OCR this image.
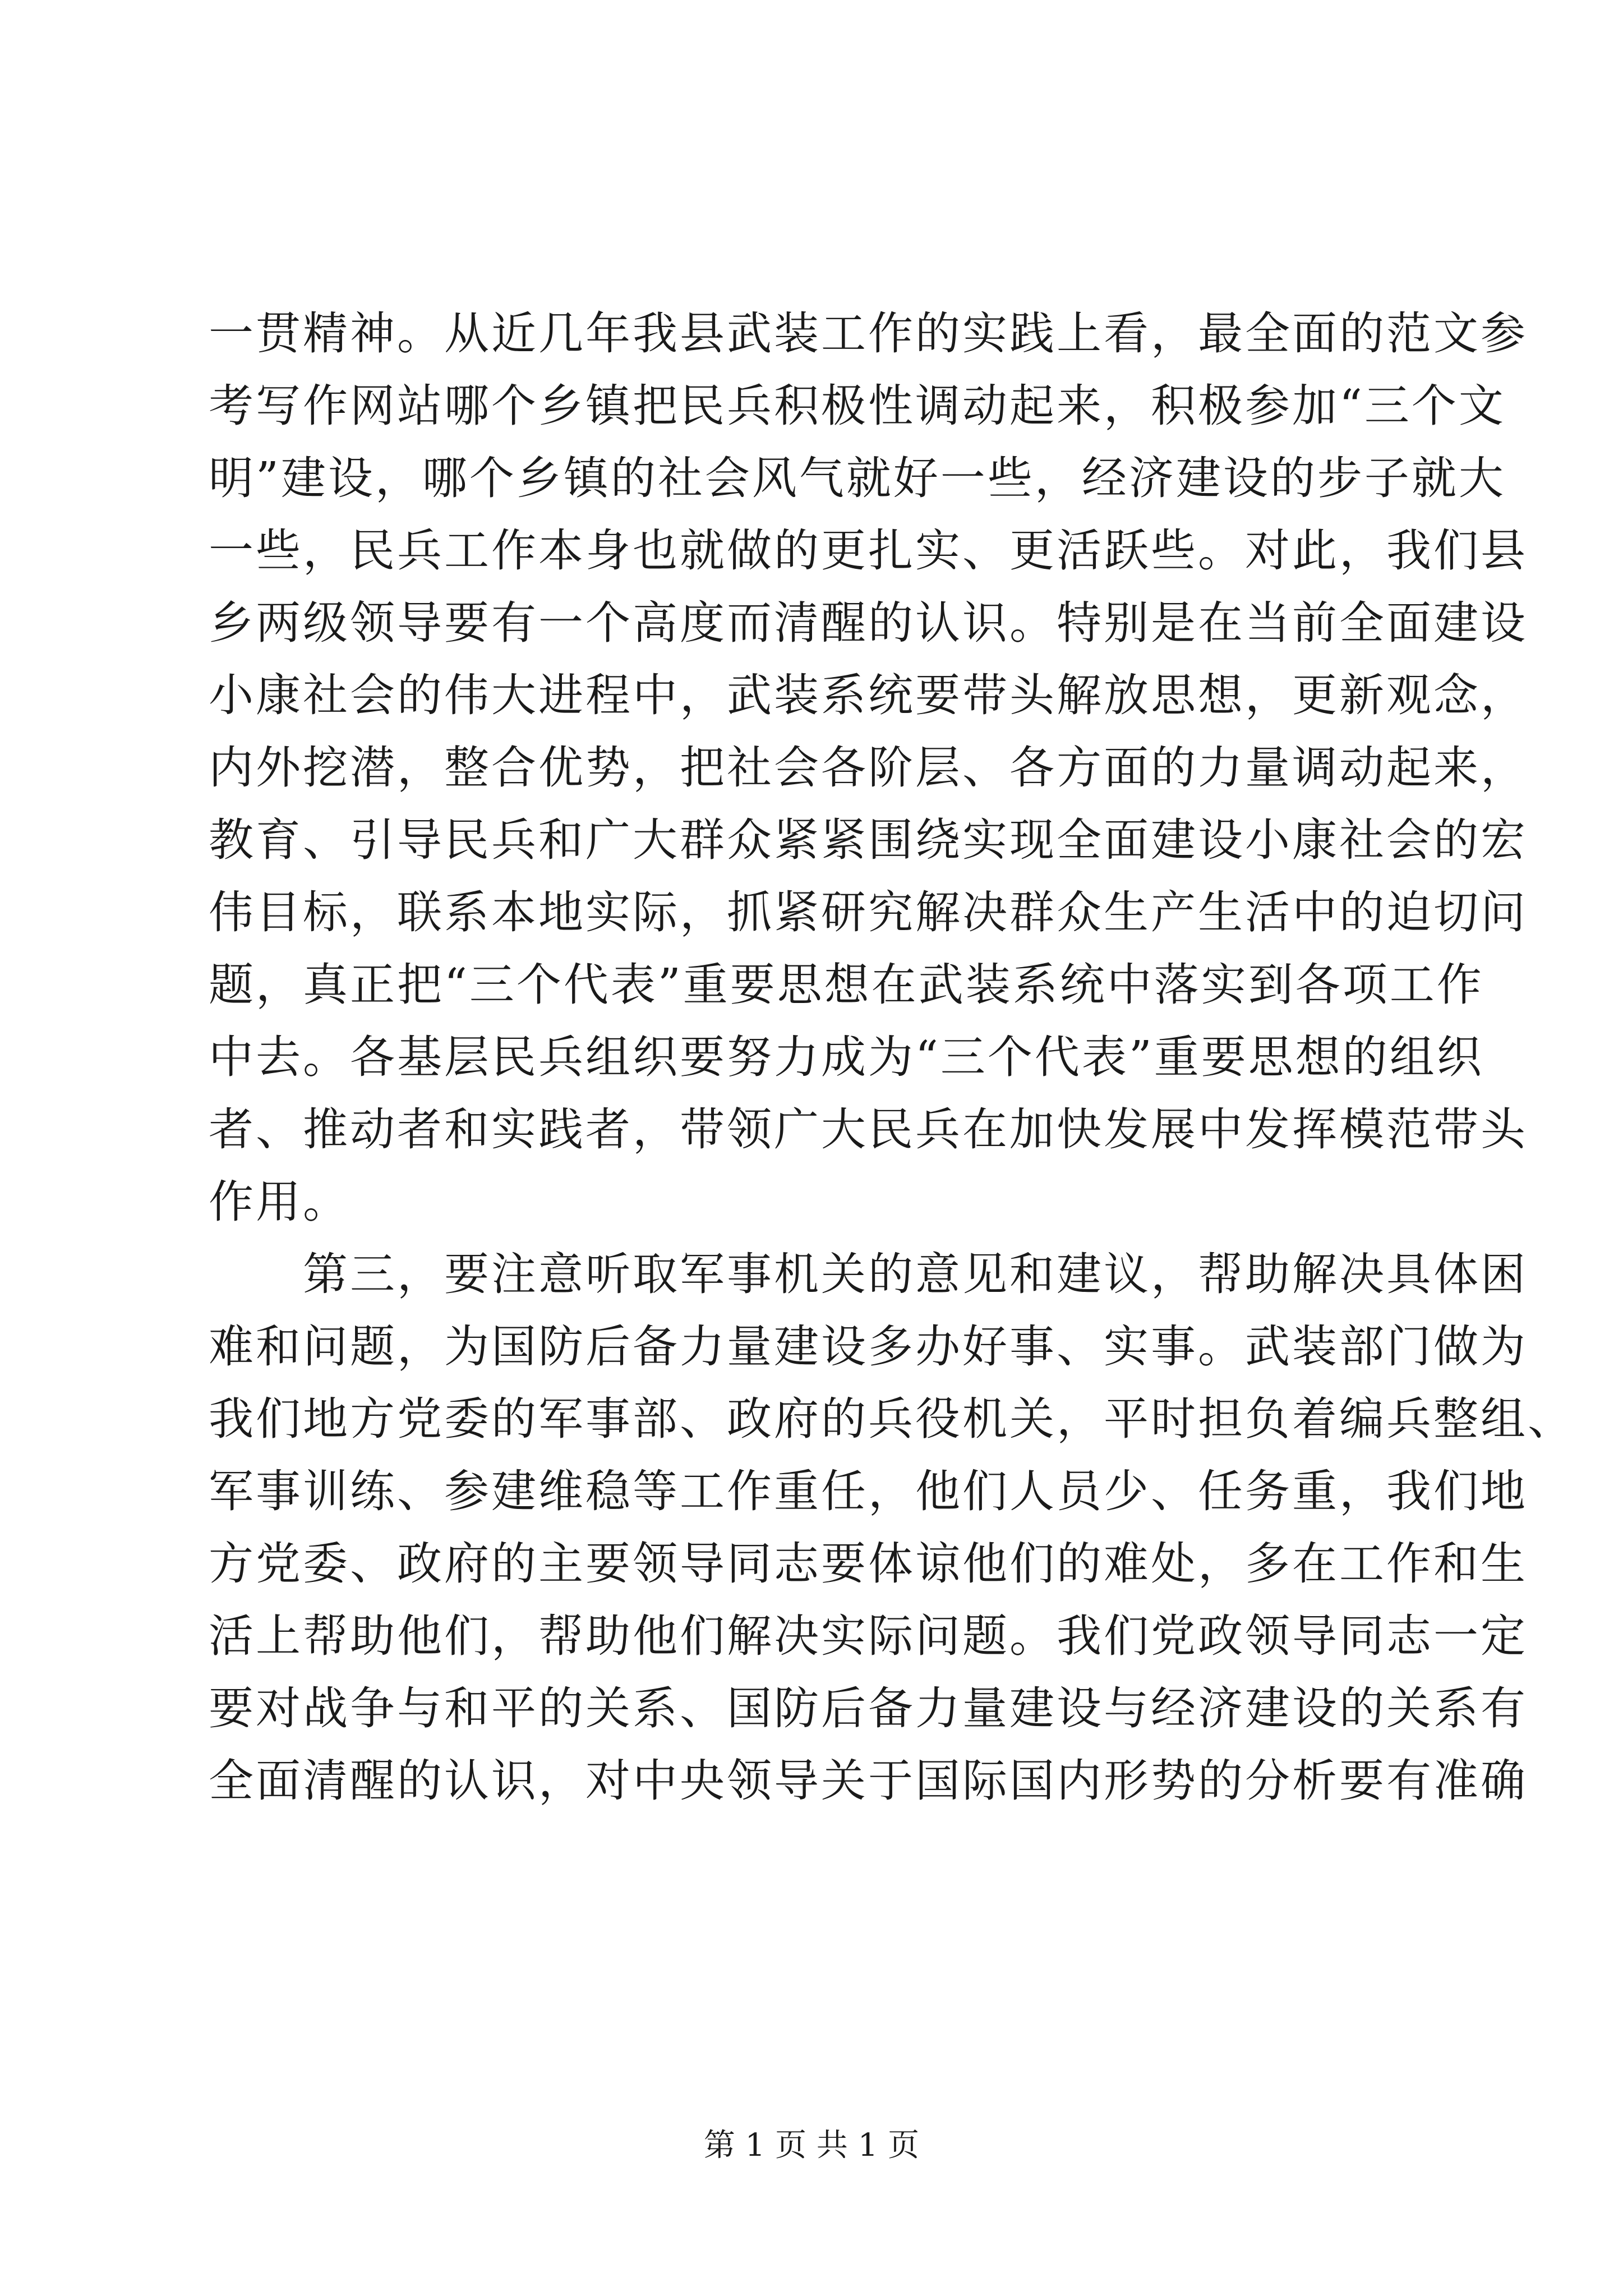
一贯精神。从近几年我县武装工作的实践上看，最全面的范文参
考写作网站哪个乡镇把民兵积极性调动起来，积极参加“三个文
明”建设，哪个乡镇的社会风气就好一些，经济建设的步子就大
一些，民兵工作本身也就做的更扎实、更活跃些。对此，我们县
乡两级领导要有一个高度而清醒的认识。特别是在当前全面建设
小康社会的伟大进程中，武装系统要带头解放思想，更新观念，
内外挖潜，整合优势，把社会各阶层、各方面的力量调动起来，
教育、引导民兵和广大群众紧紧围绕实现全面建设小康社会的宏
伟目标，联系本地实际，抓紧研究解决群众生产生活中的迫切问
题，真正把“三个代表”重要思想在武装系统中落实到各项工作
中去。各基层民兵组织要努力成为“三个代表”重要思想的组织
者、推动者和实践者，带领广大民兵在加快发展中发挥模范带头
作用。
第三，要注意听取军事机关的意见和建议，帮助解决具体困
难和问题，为国防后备力量建设多办好事、实事。武装部门做为
我们地方党委的军事部、政府的兵役机关，平时担负着编兵整组、
军事训练、参建维稳等工作重任，他们人员少、任务重，我们地
方党委、政府的主要领导同志要体谅他们的难处，多在工作和生
活上帮助他们，帮助他们解决实际问题。我们党政领导同志一定
要对战争与和平的关系、国防后备力量建设与经济建设的关系有
全面清醒的认识，对中央领导关于国际国内形势的分析要有准确
第 1 页 共 1 页
